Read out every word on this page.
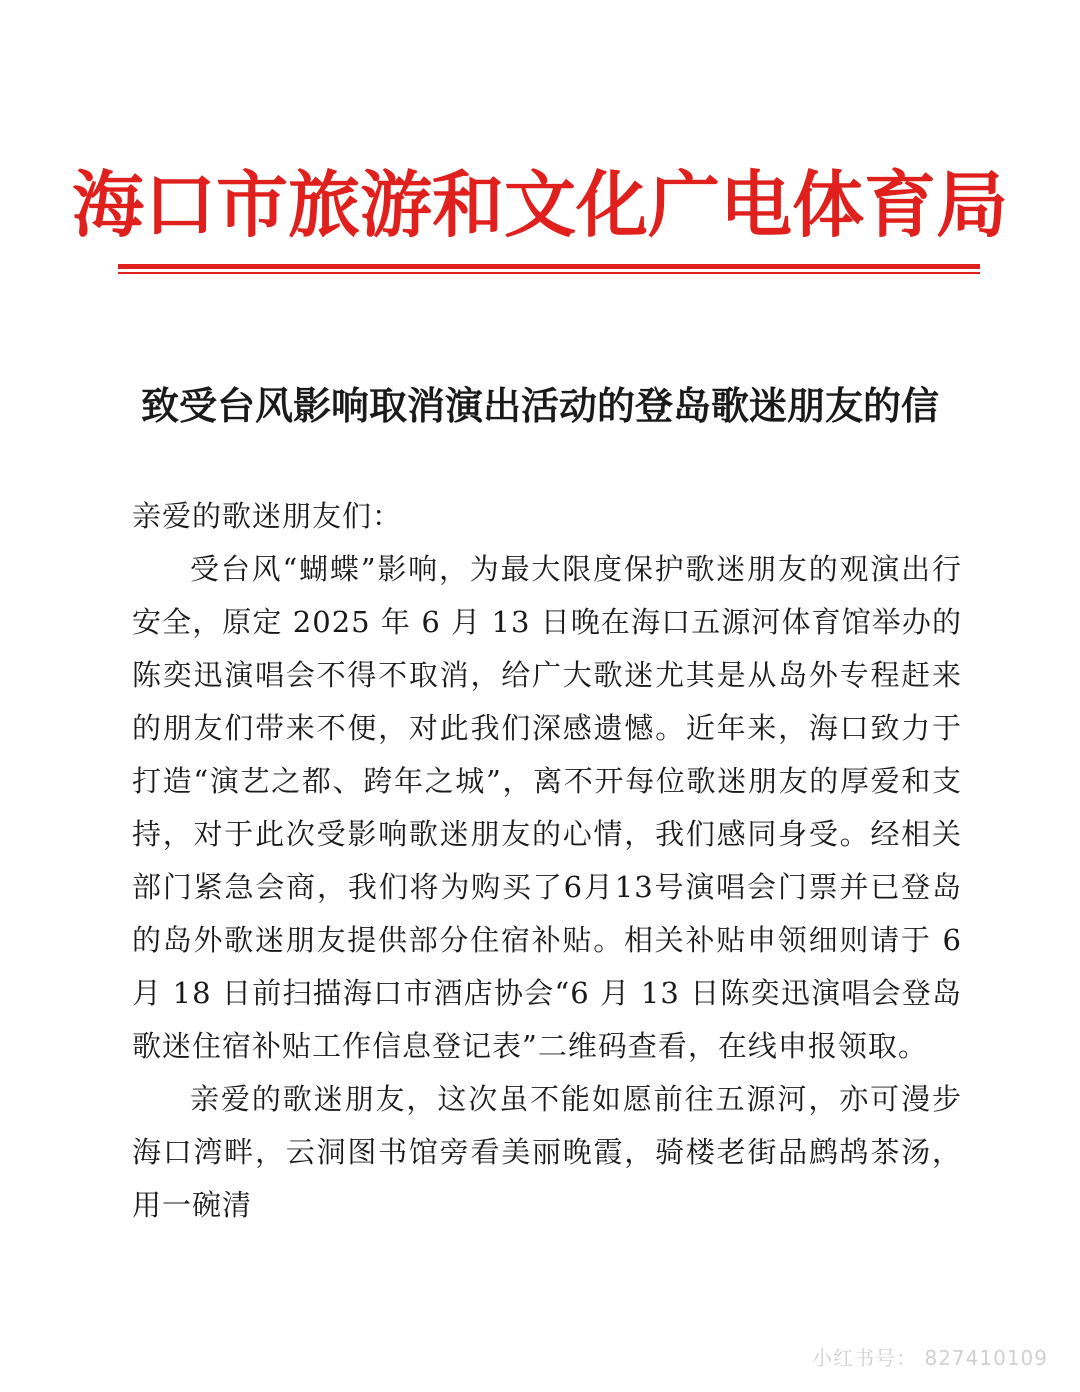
海口市旅游和文化广电体育局
致受台风影响取消演出活动的登岛歌迷朋友的信

亲爱的歌迷朋友们：

受台风“蝴蝶”影响，为最大限度保护歌迷朋友的观演出行安全，原定 2025 年 6 月 13 日晚在海口五源河体育馆举办的陈奕迅演唱会不得不取消，给广大歌迷尤其是从岛外专程赶来的朋友们带来不便，对此我们深感遗憾。近年来，海口致力于打造“演艺之都、跨年之城”，离不开每位歌迷朋友的厚爱和支持，对于此次受影响歌迷朋友的心情，我们感同身受。经相关部门紧急会商，我们将为购买了6月13号演唱会门票并已登岛的岛外歌迷朋友提供部分住宿补贴。相关补贴申领细则请于 6 月 18 日前扫描海口市酒店协会“6 月 13 日陈奕迅演唱会登岛歌迷住宿补贴工作信息登记表”二维码查看，在线申报领取。

亲爱的歌迷朋友，这次虽不能如愿前往五源河，亦可漫步海口湾畔，云洞图书馆旁看美丽晚霞，骑楼老街品鹧鸪茶汤，用一碗清

小红书号： 827410109
